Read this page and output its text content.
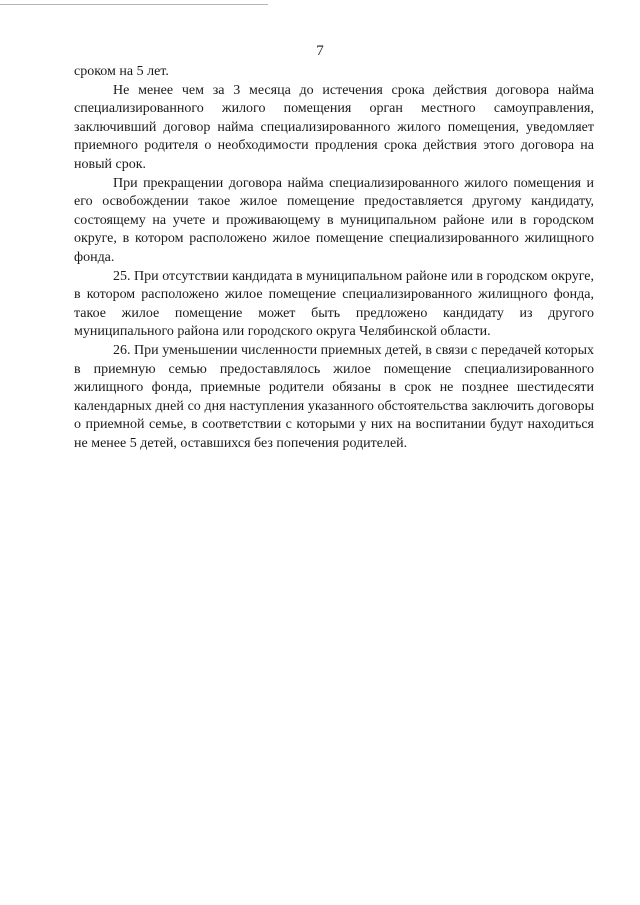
7

сроком на 5 лет.

Не менее чем за 3 месяца до истечения срока действия договора найма специализированного жилого помещения орган местного самоуправления, заключивший договор найма специализированного жилого помещения, уведомляет приемного родителя о необходимости продления срока действия этого договора на новый срок.

При прекращении договора найма специализированного жилого помещения и его освобождении такое жилое помещение предоставляется другому кандидату, состоящему на учете и проживающему в муниципальном районе или в городском округе, в котором расположено жилое помещение специализированного жилищного фонда.

25. При отсутствии кандидата в муниципальном районе или в городском округе, в котором расположено жилое помещение специализированного жилищного фонда, такое жилое помещение может быть предложено кандидату из другого муниципального района или городского округа Челябинской области.

26. При уменьшении численности приемных детей, в связи с передачей которых в приемную семью предоставлялось жилое помещение специализированного жилищного фонда, приемные родители обязаны в срок не позднее шестидесяти календарных дней со дня наступления указанного обстоятельства заключить договоры о приемной семье, в соответствии с которыми у них на воспитании будут находиться не менее 5 детей, оставшихся без попечения родителей.
